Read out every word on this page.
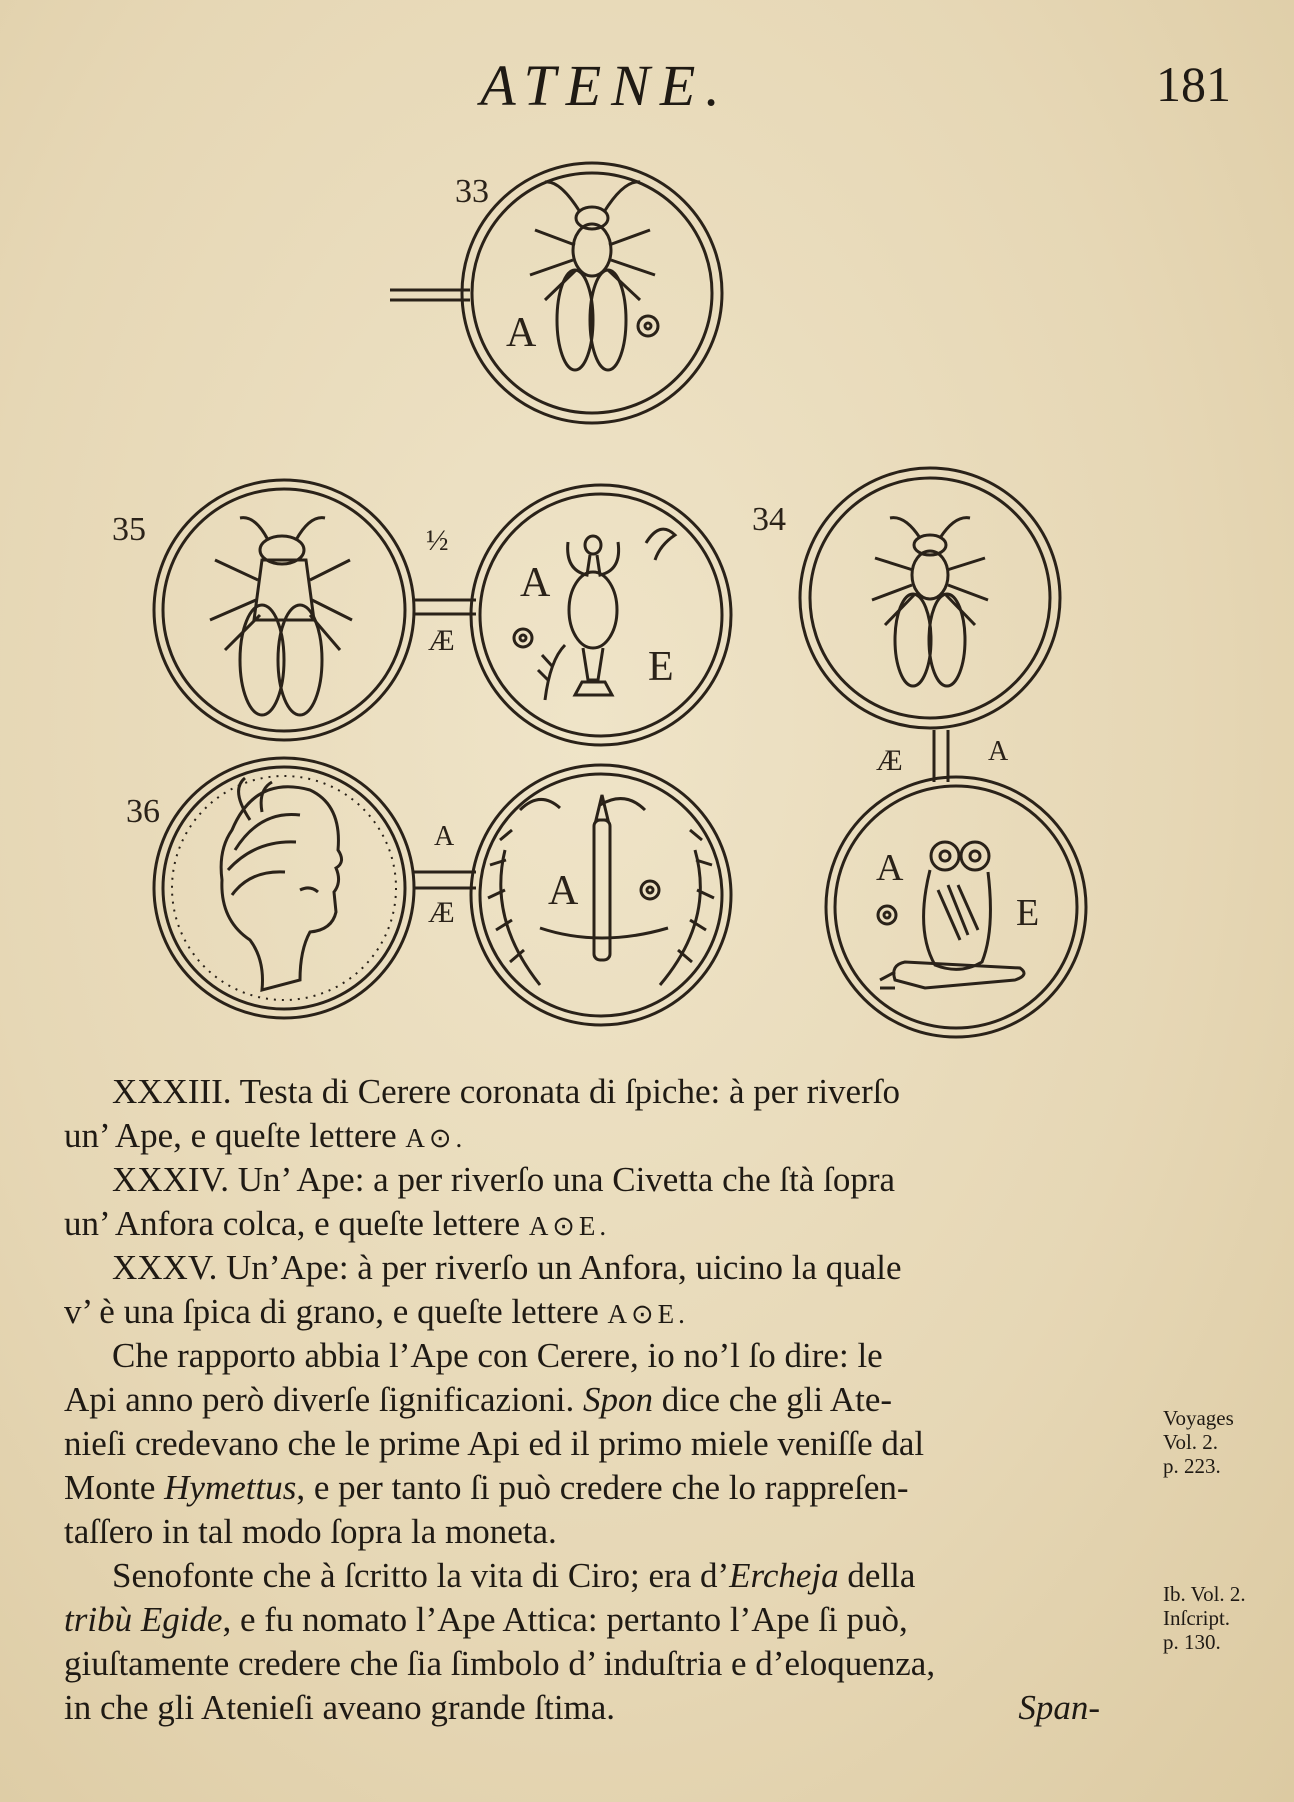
ATENE.	181
33
35	34
36
½
A
A
E
A	A
E
Æ
A
Æ
Æ	A
XXXIII. Testa di Cerere coronata di ſpiche: à per riverſo
un’ Ape, e queſte lettere A⊙.
XXXIV. Un’ Ape: a per riverſo una Civetta che ſtà ſopra
un’ Anfora colca, e queſte lettere A⊙E.
XXXV. Un’Ape: à per riverſo un Anfora, uicino la quale
v’ è una ſpica di grano, e queſte lettere A⊙E.
Che rapporto abbia l’Ape con Cerere, io no’l ſo dire: le
Api anno però diverſe ſignificazioni. Spon dice che gli Ate-
nieſi credevano che le prime Api ed il primo miele veniſſe dal
Monte Hymettus, e per tanto ſi può credere che lo rappreſen-
taſſero in tal modo ſopra la moneta.
Senofonte che à ſcritto la vita di Ciro; era d’Ercheja della
tribù Egide, e fu nomato l’Ape Attica: pertanto l’Ape ſi può,
giuſtamente credere che ſia ſimbolo d’ induſtria e d’eloquenza,
in che gli Atenieſi aveano grande ſtima.	Span-
Voyages
Vol. 2.
p. 223.
Ib. Vol. 2.
Inſcript.
p. 130.
